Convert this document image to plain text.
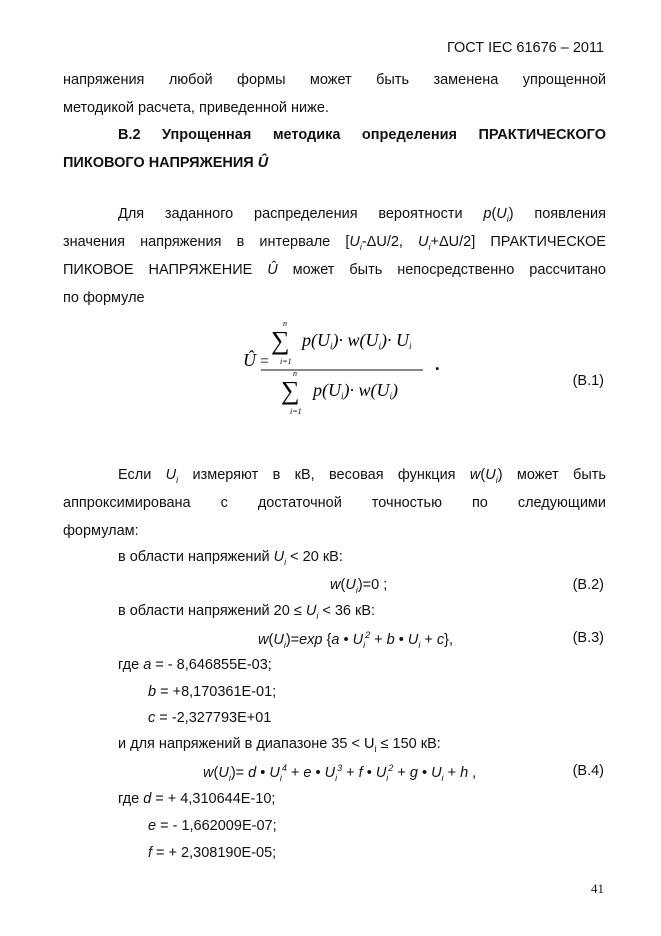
ГОСТ IEC 61676 – 2011
напряжения любой формы может быть заменена упрощенной
методикой расчета, приведенной ниже.
В.2 Упрощенная методика определения ПРАКТИЧЕСКОГО
ПИКОВОГО НАПРЯЖЕНИЯ Û
Для заданного распределения вероятности $p(U_i)$ появления
значения напряжения в интервале [$U_i-\Delta U/2$, $U_i+\Delta U/2$] ПРАКТИЧЕСКОЕ
ПИКОВОЕ НАПРЯЖЕНИЕ Û может быть непосредственно рассчитано
по формуле
Û =
n
∑
i=1
p(Ui)· w(Ui)· Ui
n
∑
i=1
p(Ui)· w(Ui)
.
(B.1)
Если $U_i$ измеряют в кВ, весовая функция $w(U_i)$ может быть
аппроксимирована с достаточной точностью по следующими
формулам:
в области напряжений $U_i < 20$ кВ:
$w(U_i)=0$ ;	(B.2)
в области напряжений $20 \le U_i < 36$ кВ:
$w(U_i)=\exp$ {a • $U_i^2 + b$ • $U_i + c$},	(B.3)
где a = - 8,646855E-03;
b = +8,170361E-01;
c = -2,327793E+01
и для напряжений в диапазоне $35 < U_i \le 150$ кВ:
$w(U_i)= d$ • $U_i^4 + e$ • $U_i^3 + f$ • $U_i^2 + g$ • $U_i + h$ ,	(B.4)
где d = + 4,310644E-10;
e = - 1,662009E-07;
f = + 2,308190E-05;
41
